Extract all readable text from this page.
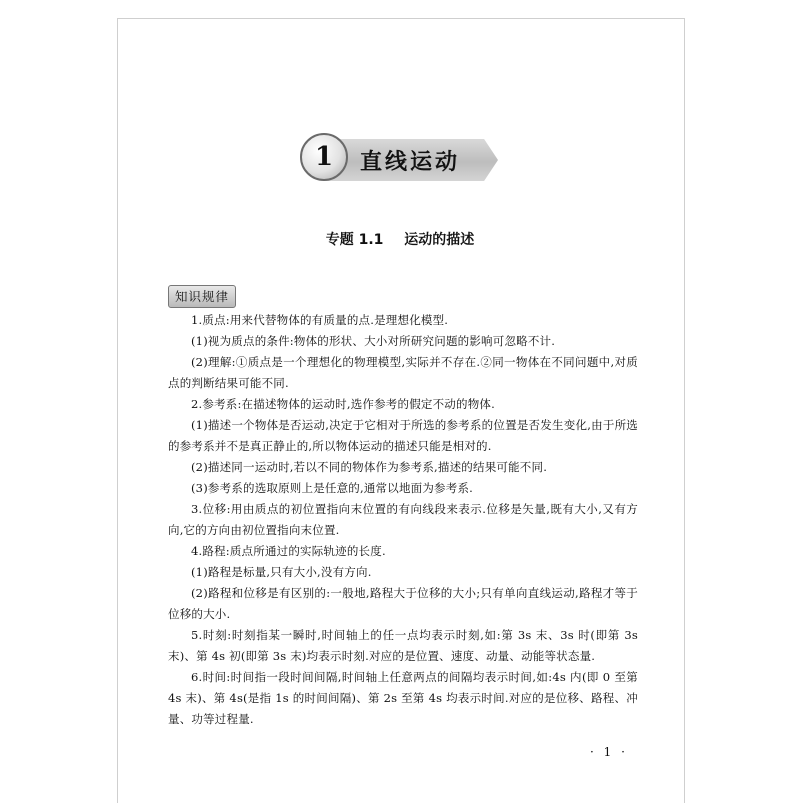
1	直线运动
专题 1.1 运动的描述
知识规律

1.质点:用来代替物体的有质量的点.是理想化模型.

(1)视为质点的条件:物体的形状、大小对所研究问题的影响可忽略不计.

(2)理解:①质点是一个理想化的物理模型,实际并不存在.②同一物体在不同问题中,对质点的判断结果可能不同.

2.参考系:在描述物体的运动时,选作参考的假定不动的物体.

(1)描述一个物体是否运动,决定于它相对于所选的参考系的位置是否发生变化,由于所选的参考系并不是真正静止的,所以物体运动的描述只能是相对的.

(2)描述同一运动时,若以不同的物体作为参考系,描述的结果可能不同.

(3)参考系的选取原则上是任意的,通常以地面为参考系.

3.位移:用由质点的初位置指向末位置的有向线段来表示.位移是矢量,既有大小,又有方向,它的方向由初位置指向末位置.

4.路程:质点所通过的实际轨迹的长度.

(1)路程是标量,只有大小,没有方向.

(2)路程和位移是有区别的:一般地,路程大于位移的大小;只有单向直线运动,路程才等于位移的大小.

5.时刻:时刻指某一瞬时,时间轴上的任一点均表示时刻,如:第 3s 末、3s 时(即第 3s 末)、第 4s 初(即第 3s 末)均表示时刻.对应的是位置、速度、动量、动能等状态量.

6.时间:时间指一段时间间隔,时间轴上任意两点的间隔均表示时间,如:4s 内(即 0 至第 4s 末)、第 4s(是指 1s 的时间间隔)、第 2s 至第 4s 均表示时间.对应的是位移、路程、冲量、功等过程量.

· 1 ·
